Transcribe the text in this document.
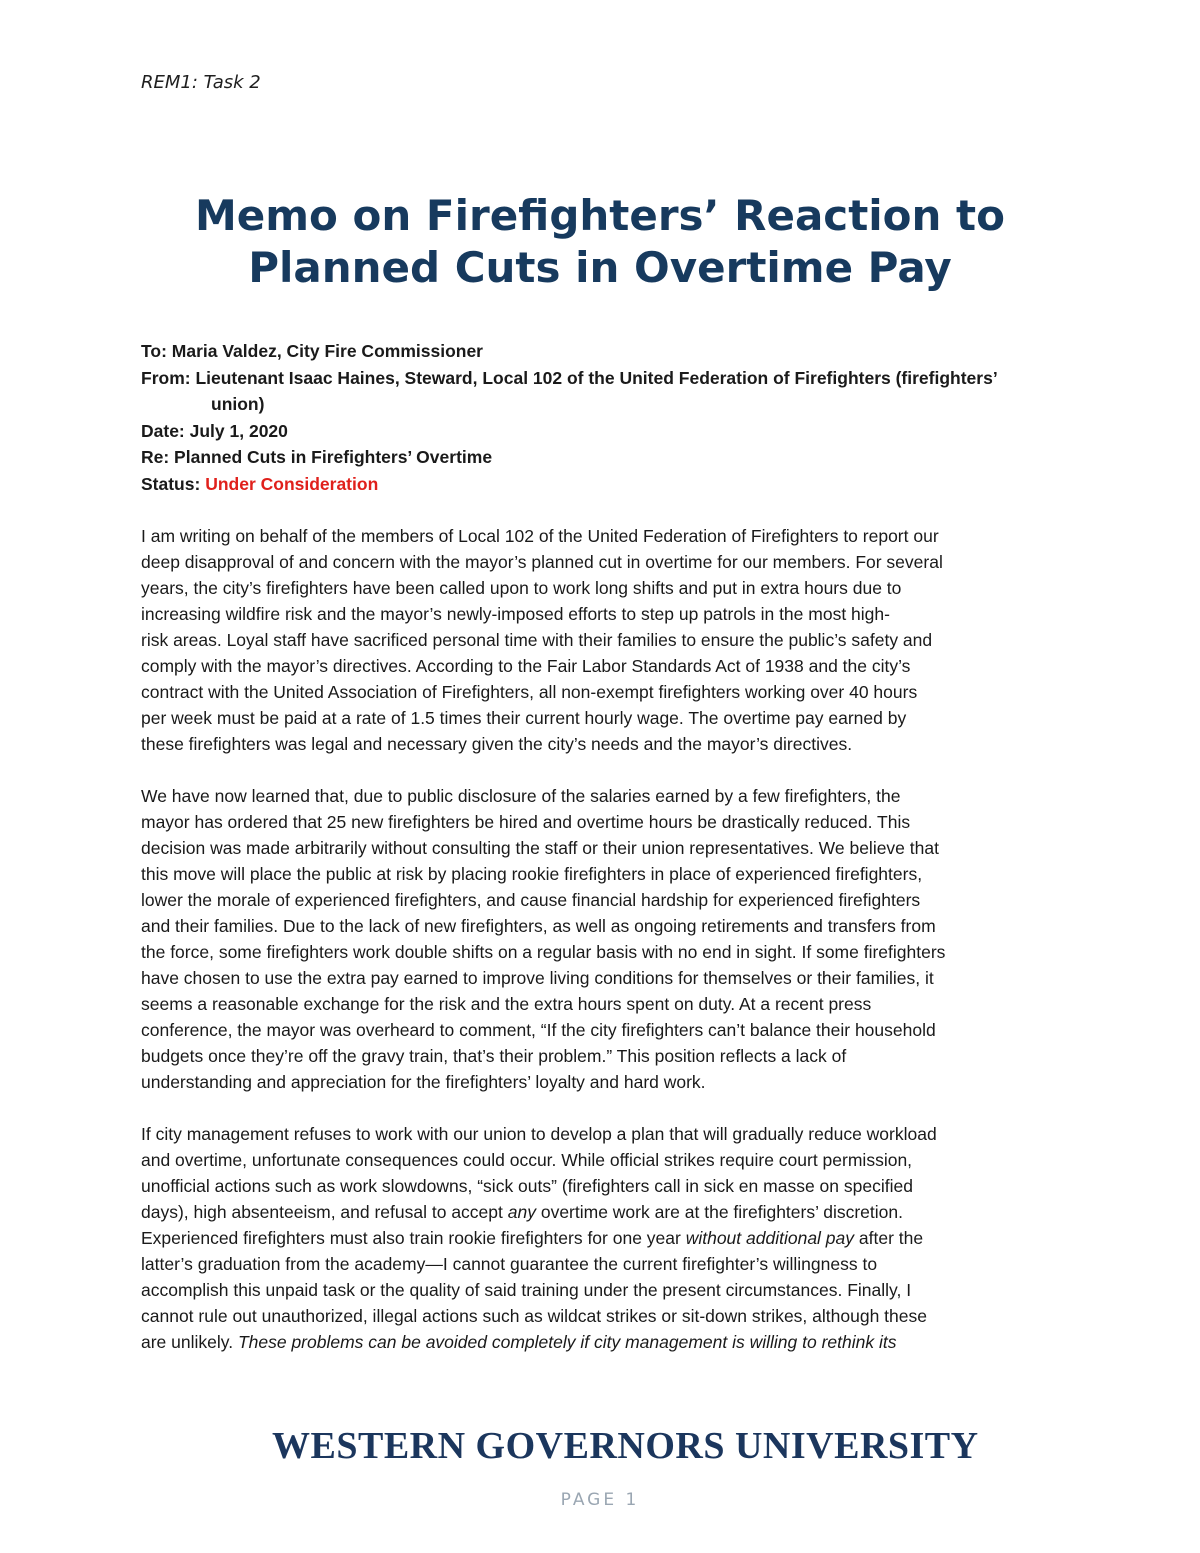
REM1: Task 2
Memo on Firefighters’ Reaction to
Planned Cuts in Overtime Pay
To: Maria Valdez, City Fire Commissioner
From: Lieutenant Isaac Haines, Steward, Local 102 of the United Federation of Firefighters (firefighters’
union)
Date: July 1, 2020
Re: Planned Cuts in Firefighters’ Overtime
Status: Under Consideration

I am writing on behalf of the members of Local 102 of the United Federation of Firefighters to report our
deep disapproval of and concern with the mayor’s planned cut in overtime for our members. For several
years, the city’s firefighters have been called upon to work long shifts and put in extra hours due to
increasing wildfire risk and the mayor’s newly-imposed efforts to step up patrols in the most high-
risk areas. Loyal staff have sacrificed personal time with their families to ensure the public’s safety and
comply with the mayor’s directives. According to the Fair Labor Standards Act of 1938 and the city’s
contract with the United Association of Firefighters, all non-exempt firefighters working over 40 hours
per week must be paid at a rate of 1.5 times their current hourly wage. The overtime pay earned by
these firefighters was legal and necessary given the city’s needs and the mayor’s directives.

We have now learned that, due to public disclosure of the salaries earned by a few firefighters, the
mayor has ordered that 25 new firefighters be hired and overtime hours be drastically reduced. This
decision was made arbitrarily without consulting the staff or their union representatives. We believe that
this move will place the public at risk by placing rookie firefighters in place of experienced firefighters,
lower the morale of experienced firefighters, and cause financial hardship for experienced firefighters
and their families. Due to the lack of new firefighters, as well as ongoing retirements and transfers from
the force, some firefighters work double shifts on a regular basis with no end in sight. If some firefighters
have chosen to use the extra pay earned to improve living conditions for themselves or their families, it
seems a reasonable exchange for the risk and the extra hours spent on duty. At a recent press
conference, the mayor was overheard to comment, “If the city firefighters can’t balance their household
budgets once they’re off the gravy train, that’s their problem.” This position reflects a lack of
understanding and appreciation for the firefighters’ loyalty and hard work.

If city management refuses to work with our union to develop a plan that will gradually reduce workload
and overtime, unfortunate consequences could occur. While official strikes require court permission,
unofficial actions such as work slowdowns, “sick outs” (firefighters call in sick en masse on specified
days), high absenteeism, and refusal to accept any overtime work are at the firefighters’ discretion.
Experienced firefighters must also train rookie firefighters for one year without additional pay after the
latter’s graduation from the academy—I cannot guarantee the current firefighter’s willingness to
accomplish this unpaid task or the quality of said training under the present circumstances. Finally, I
cannot rule out unauthorized, illegal actions such as wildcat strikes or sit-down strikes, although these
are unlikely. These problems can be avoided completely if city management is willing to rethink its

WESTERN GOVERNORS UNIVERSITY
PAGE 1
